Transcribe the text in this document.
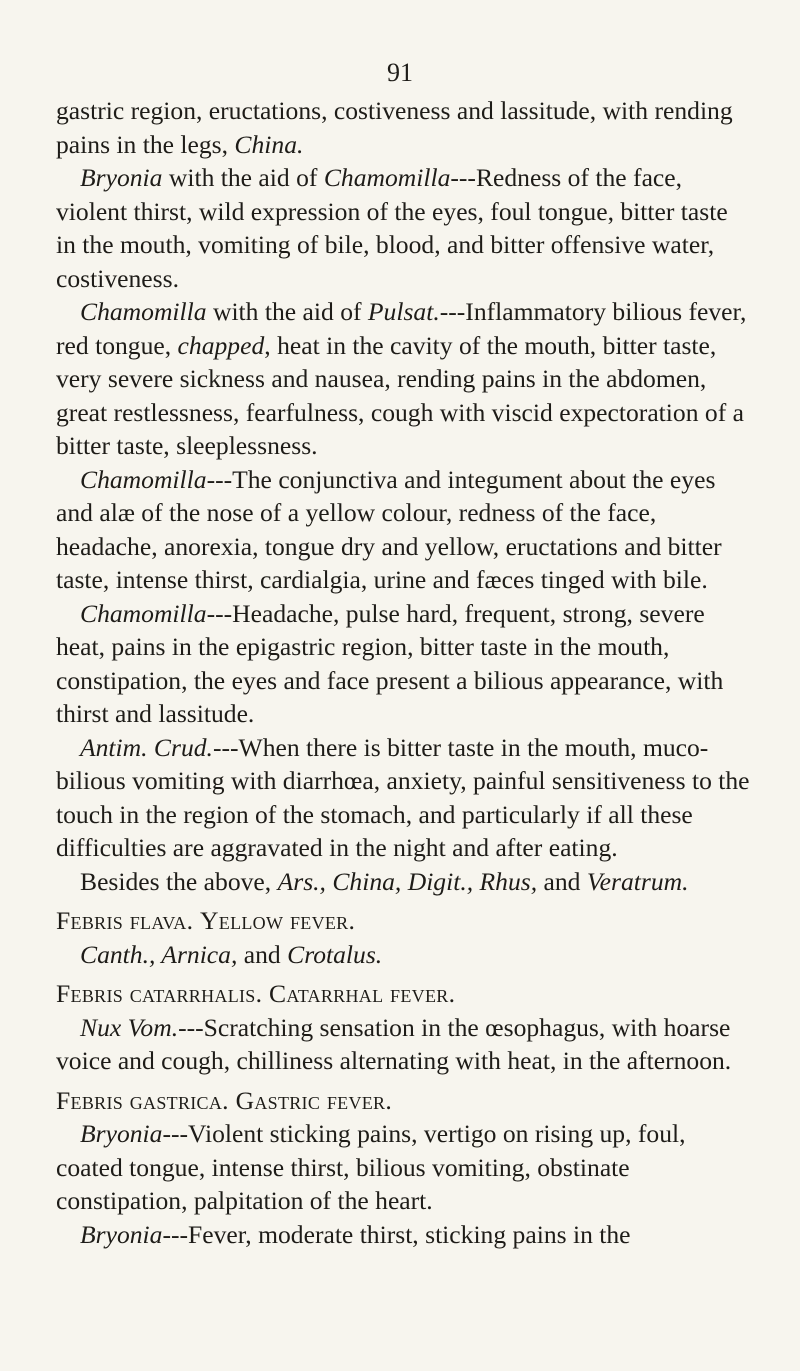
91
gastric region, eructations, costiveness and lassitude, with rending pains in the legs, China.
Bryonia with the aid of Chamomilla---Redness of the face, violent thirst, wild expression of the eyes, foul tongue, bitter taste in the mouth, vomiting of bile, blood, and bitter offensive water, costiveness.
Chamomilla with the aid of Pulsat.---Inflammatory bilious fever, red tongue, chapped, heat in the cavity of the mouth, bitter taste, very severe sickness and nausea, rending pains in the abdomen, great restlessness, fearfulness, cough with viscid expectoration of a bitter taste, sleeplessness.
Chamomilla---The conjunctiva and integument about the eyes and alæ of the nose of a yellow colour, redness of the face, headache, anorexia, tongue dry and yellow, eructations and bitter taste, intense thirst, cardialgia, urine and fæces tinged with bile.
Chamomilla---Headache, pulse hard, frequent, strong, severe heat, pains in the epigastric region, bitter taste in the mouth, constipation, the eyes and face present a bilious appearance, with thirst and lassitude.
Antim. Crud.---When there is bitter taste in the mouth, muco-bilious vomiting with diarrhœa, anxiety, painful sensitiveness to the touch in the region of the stomach, and particularly if all these difficulties are aggravated in the night and after eating.
Besides the above, Ars., China, Digit., Rhus, and Veratrum.
Febris flava. Yellow fever.
Canth., Arnica, and Crotalus.
Febris catarrhalis. Catarrhal fever.
Nux Vom.---Scratching sensation in the œsophagus, with hoarse voice and cough, chilliness alternating with heat, in the afternoon.
Febris gastrica. Gastric fever.
Bryonia---Violent sticking pains, vertigo on rising up, foul, coated tongue, intense thirst, bilious vomiting, obstinate constipation, palpitation of the heart.
Bryonia---Fever, moderate thirst, sticking pains in the
